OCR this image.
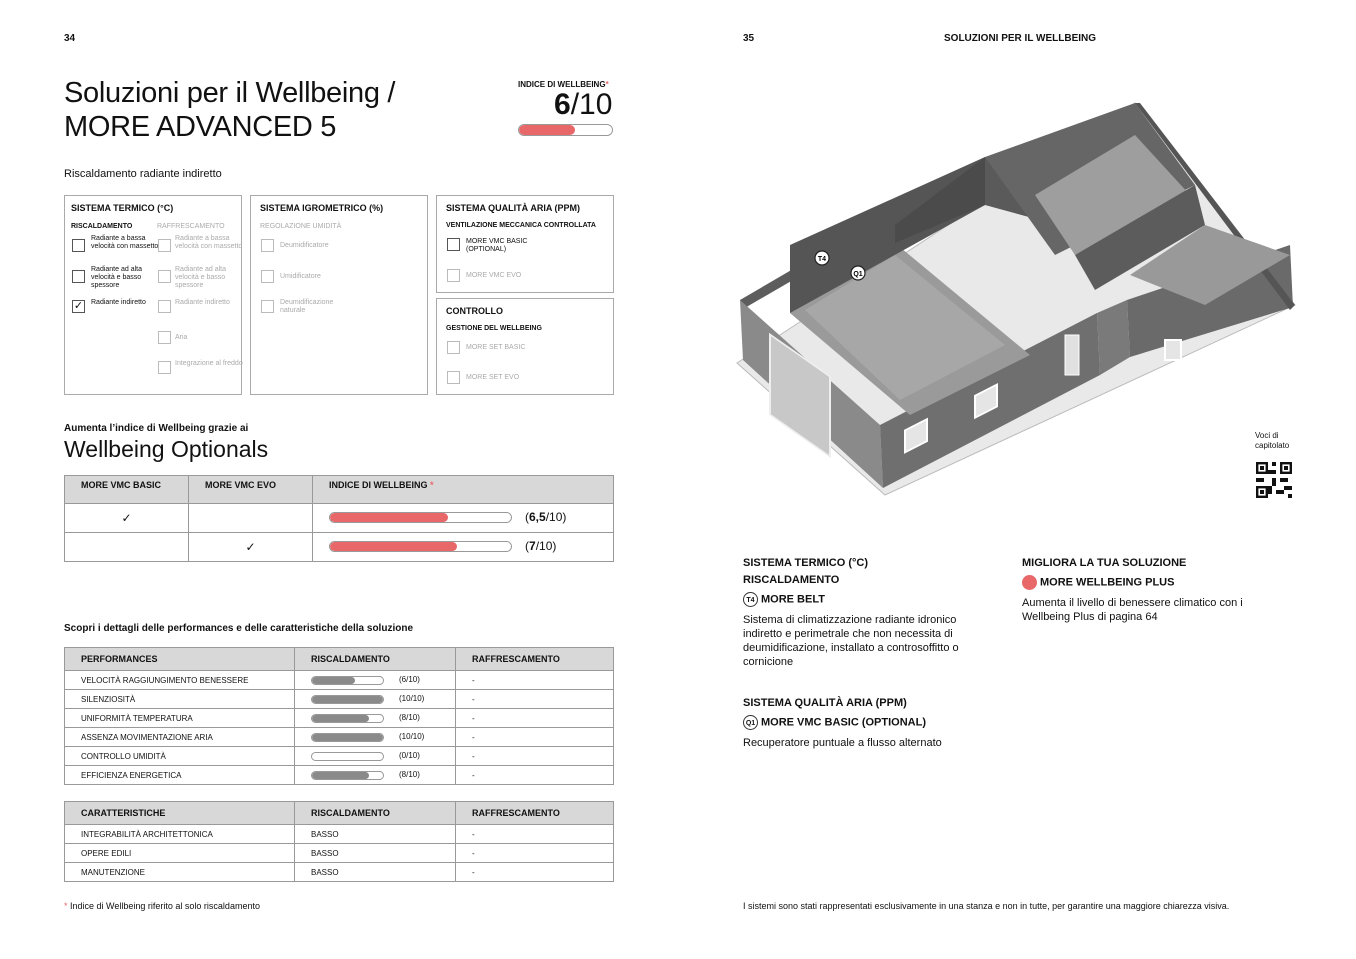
34
Soluzioni per il Wellbeing /
MORE ADVANCED 5
INDICE DI WELLBEING*
6/10
Riscaldamento radiante indiretto
SISTEMA TERMICO (°C)
RISCALDAMENTO	RAFFRESCAMENTO
Radiante a bassa velocità con massetto
Radiante ad alta velocità e basso spessore
✓ Radiante indiretto
Radiante a bassa velocità con massetto
Radiante ad alta velocità e basso spessore
Radiante indiretto
Aria
Integrazione al freddo
SISTEMA IGROMETRICO (%)
REGOLAZIONE UMIDITÀ
Deumidificatore
Umidificatore
Deumidificazione naturale
SISTEMA QUALITÀ ARIA (PPM)
VENTILAZIONE MECCANICA CONTROLLATA
MORE VMC BASIC (OPTIONAL)
MORE VMC EVO
CONTROLLO
GESTIONE DEL WELLBEING
MORE SET BASIC
MORE SET EVO
Aumenta l’indice di Wellbeing grazie ai
Wellbeing Optionals
MORE VMC BASIC	MORE VMC EVO	INDICE DI WELLBEING *
✓		(6,5/10)

	✓	(7/10)
Scopri i dettagli delle performances e delle caratteristiche della soluzione
PERFORMANCES	RISCALDAMENTO	RAFFRESCAMENTO
VELOCITÀ RAGGIUNGIMENTO BENESSERE	(6/10)	-
SILENZIOSITÀ	(10/10)	-
UNIFORMITÀ TEMPERATURA	(8/10)	-
ASSENZA MOVIMENTAZIONE ARIA	(10/10)	-
CONTROLLO UMIDITÀ	(0/10)	-
EFFICIENZA ENERGETICA	(8/10)	-
CARATTERISTICHE	RISCALDAMENTO	RAFFRESCAMENTO
INTEGRABILITÀ ARCHITETTONICA	BASSO	-
OPERE EDILI	BASSO	-
MANUTENZIONE	BASSO	-
* Indice di Wellbeing riferito al solo riscaldamento
35	SOLUZIONI PER IL WELLBEING
T4
Q1
Voci di capitolato
SISTEMA TERMICO (°C)
RISCALDAMENTO
T4 MORE BELT
Sistema di climatizzazione radiante idronico indiretto e perimetrale che non necessita di deumidificazione, installato a controsoffitto o cornicione
SISTEMA QUALITÀ ARIA (PPM)
Q1 MORE VMC BASIC (OPTIONAL)
Recuperatore puntuale a flusso alternato
MIGLIORA LA TUA SOLUZIONE
MORE WELLBEING PLUS
Aumenta il livello di benessere climatico con i Wellbeing Plus di pagina 64
I sistemi sono stati rappresentati esclusivamente in una stanza e non in tutte, per garantire una maggiore chiarezza visiva.
